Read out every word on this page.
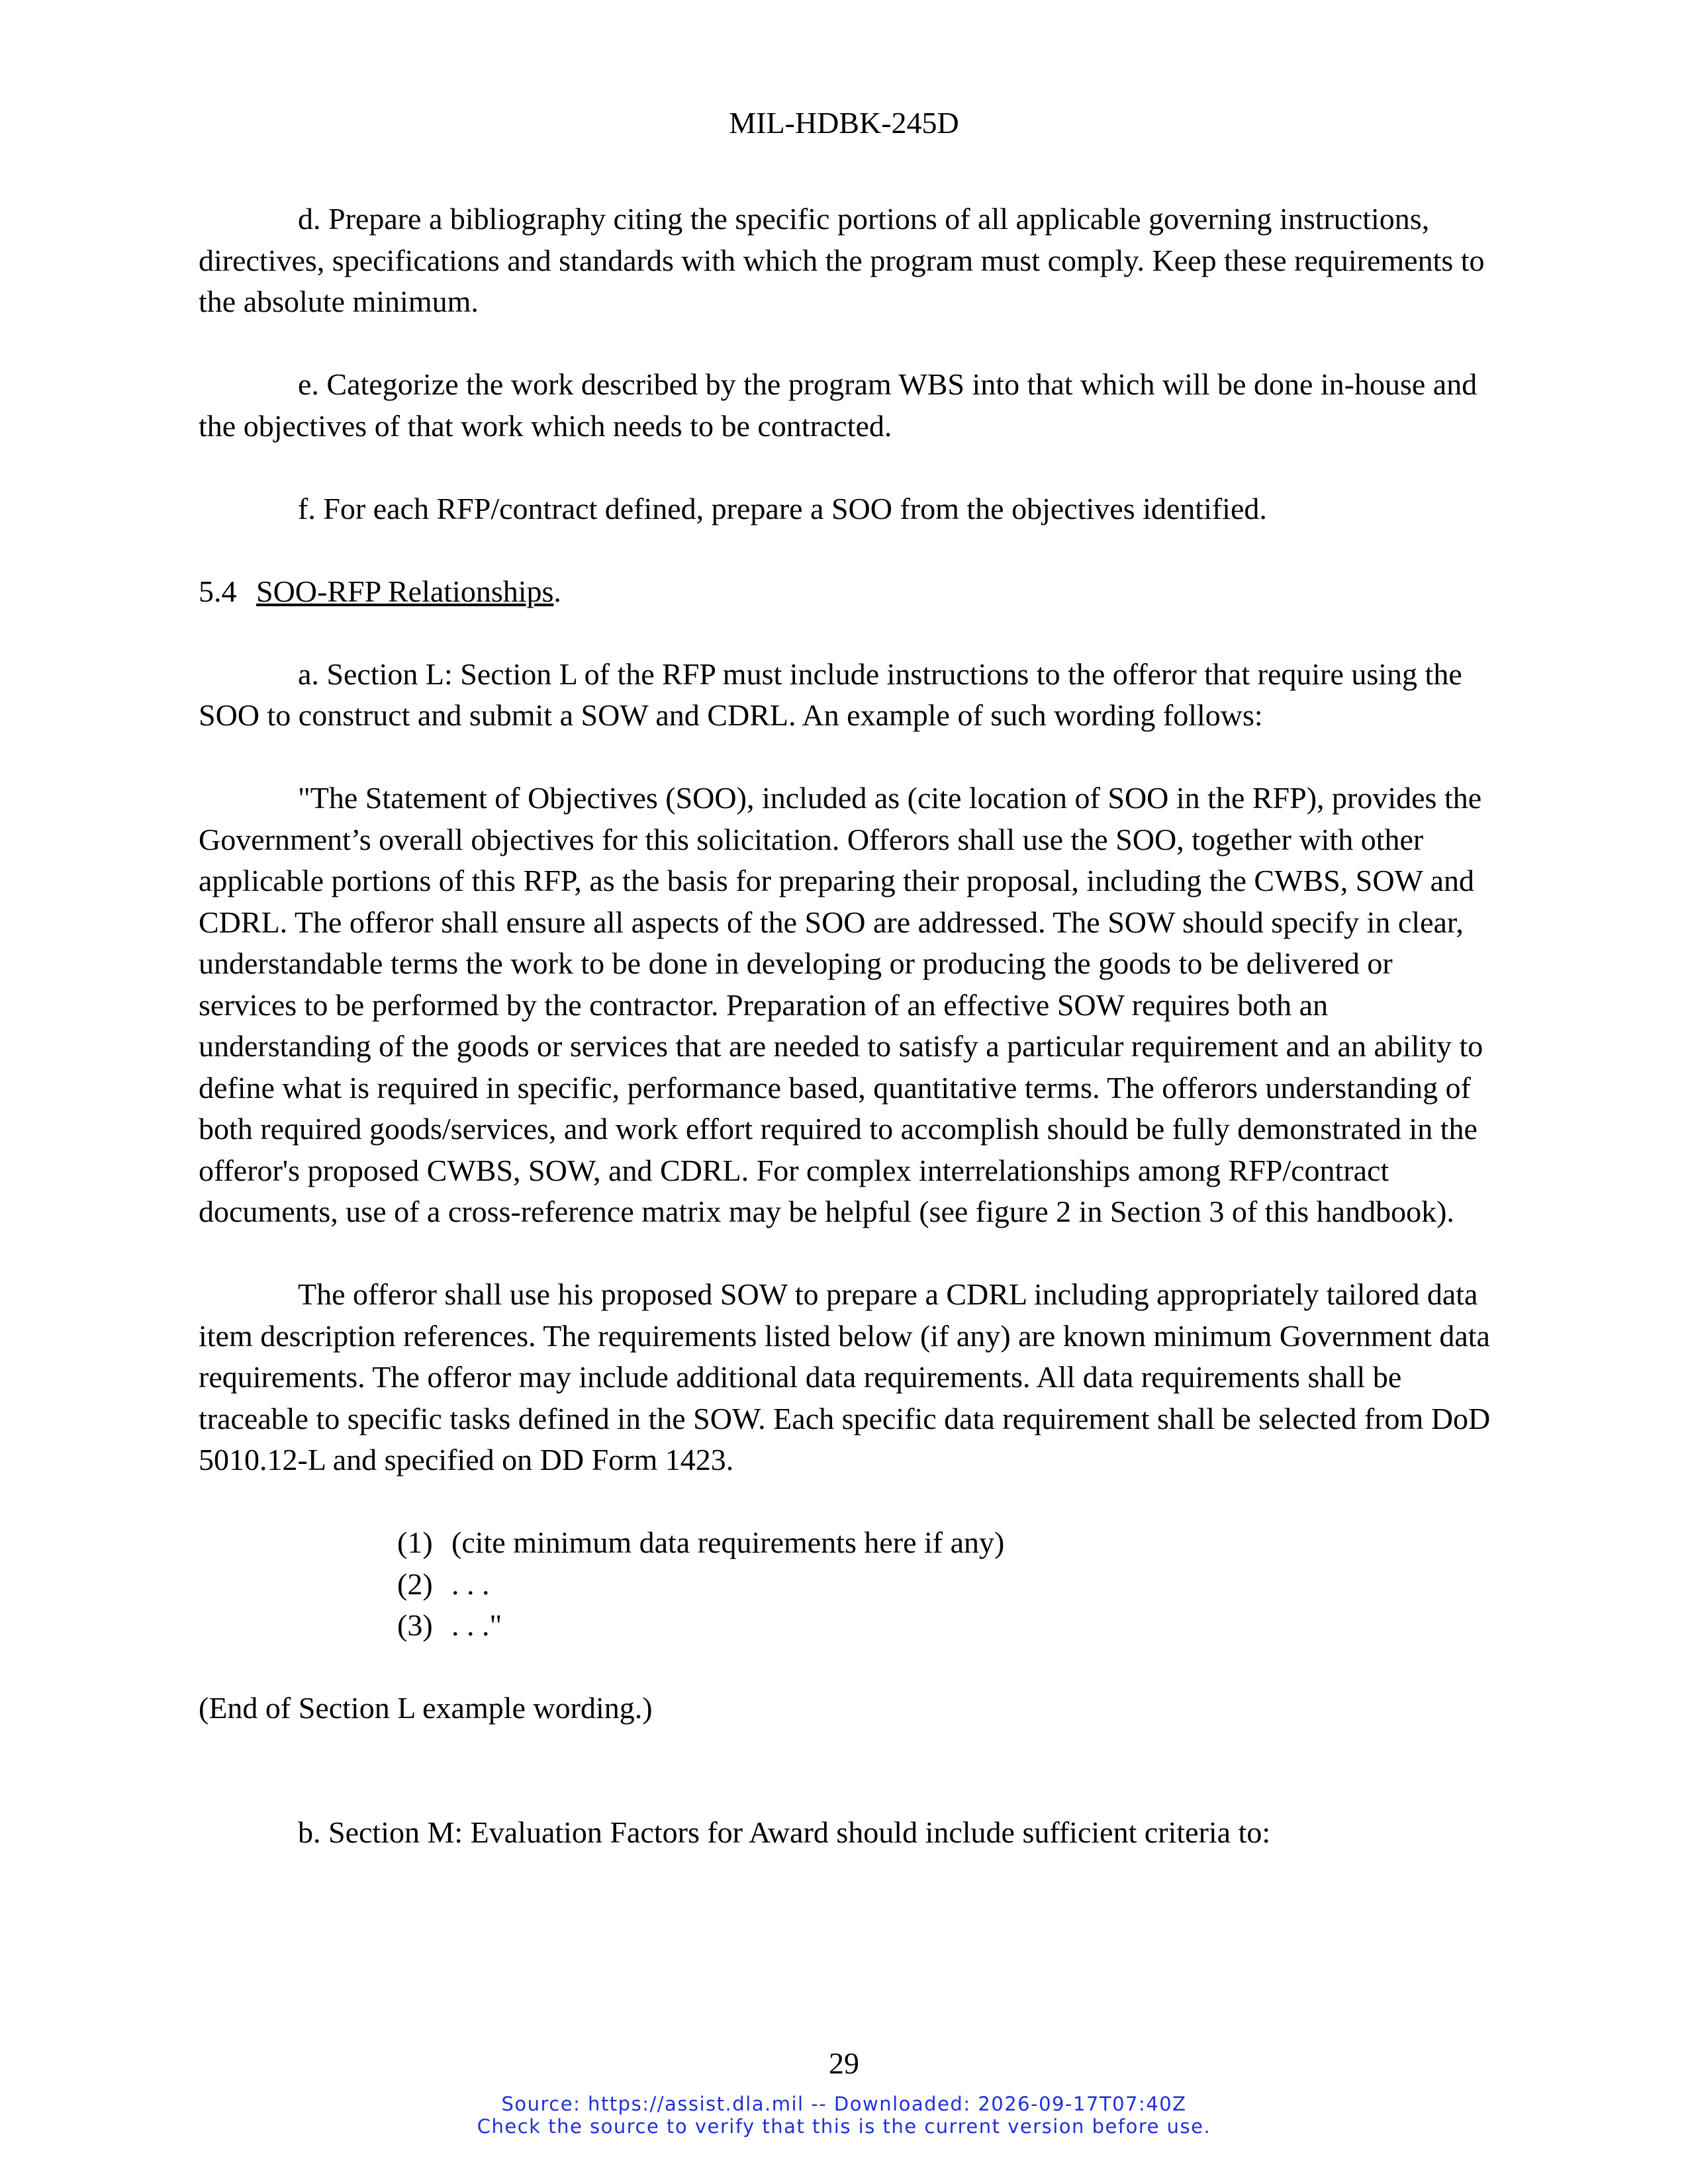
MIL-HDBK-245D

d. Prepare a bibliography citing the specific portions of all applicable governing instructions, directives, specifications and standards with which the program must comply. Keep these requirements to the absolute minimum.

e. Categorize the work described by the program WBS into that which will be done in-house and the objectives of that work which needs to be contracted.

f. For each RFP/contract defined, prepare a SOO from the objectives identified.

5.4 SOO-RFP Relationships.

a. Section L: Section L of the RFP must include instructions to the offeror that require using the SOO to construct and submit a SOW and CDRL. An example of such wording follows:

"The Statement of Objectives (SOO), included as (cite location of SOO in the RFP), provides the Government’s overall objectives for this solicitation. Offerors shall use the SOO, together with other applicable portions of this RFP, as the basis for preparing their proposal, including the CWBS, SOW and CDRL. The offeror shall ensure all aspects of the SOO are addressed. The SOW should specify in clear, understandable terms the work to be done in developing or producing the goods to be delivered or services to be performed by the contractor. Preparation of an effective SOW requires both an understanding of the goods or services that are needed to satisfy a particular requirement and an ability to define what is required in specific, performance based, quantitative terms. The offerors understanding of both required goods/services, and work effort required to accomplish should be fully demonstrated in the offeror's proposed CWBS, SOW, and CDRL. For complex interrelationships among RFP/contract documents, use of a cross-reference matrix may be helpful (see figure 2 in Section 3 of this handbook).

The offeror shall use his proposed SOW to prepare a CDRL including appropriately tailored data item description references. The requirements listed below (if any) are known minimum Government data requirements. The offeror may include additional data requirements. All data requirements shall be traceable to specific tasks defined in the SOW. Each specific data requirement shall be selected from DoD 5010.12-L and specified on DD Form 1423.

(1) (cite minimum data requirements here if any)
(2) . . .
(3) . . ."

(End of Section L example wording.)

b. Section M: Evaluation Factors for Award should include sufficient criteria to:

29
Source: https://assist.dla.mil -- Downloaded: 2026-09-17T07:40Z
Check the source to verify that this is the current version before use.
